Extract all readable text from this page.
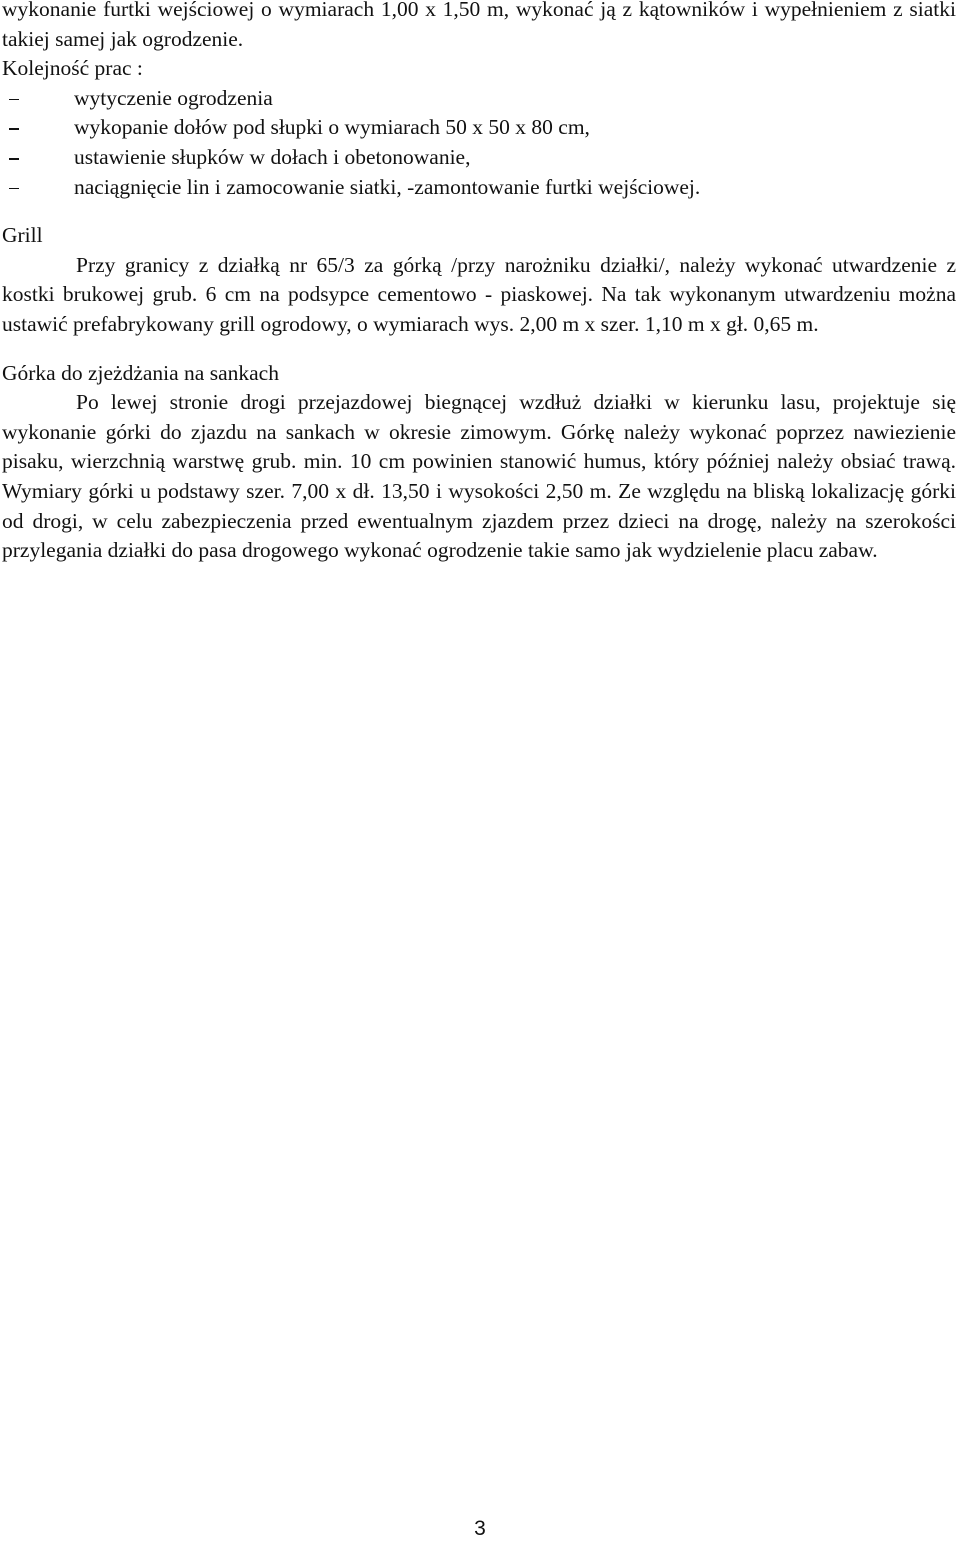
wykonanie furtki wejściowej o wymiarach 1,00 x 1,50 m, wykonać ją z kątowników i wypełnieniem z siatki takiej samej jak ogrodzenie.

Kolejność prac :

wytyczenie ogrodzenia
wykopanie dołów pod słupki o wymiarach 50 x 50 x 80 cm,
ustawienie słupków w dołach i obetonowanie,
naciągnięcie lin i zamocowanie siatki, -zamontowanie furtki wejściowej.

Grill

Przy granicy z działką nr 65/3 za górką /przy narożniku działki/, należy wykonać utwardzenie z kostki brukowej grub. 6 cm na podsypce cementowo - piaskowej. Na tak wykonanym utwardzeniu można ustawić prefabrykowany grill ogrodowy, o wymiarach wys. 2,00 m x szer. 1,10 m x gł. 0,65 m.

Górka do zjeżdżania na sankach

Po lewej stronie drogi przejazdowej biegnącej wzdłuż działki w kierunku lasu, projektuje się wykonanie górki do zjazdu na sankach w okresie zimowym. Górkę należy wykonać poprzez nawiezienie pisaku, wierzchnią warstwę grub. min. 10 cm powinien stanowić humus, który później należy obsiać trawą. Wymiary górki u podstawy szer. 7,00 x dł. 13,50 i wysokości 2,50 m. Ze względu na bliską lokalizację górki od drogi, w celu zabezpieczenia przed ewentualnym zjazdem przez dzieci na drogę, należy na szerokości przylegania działki do pasa drogowego wykonać ogrodzenie takie samo jak wydzielenie placu zabaw.

3
